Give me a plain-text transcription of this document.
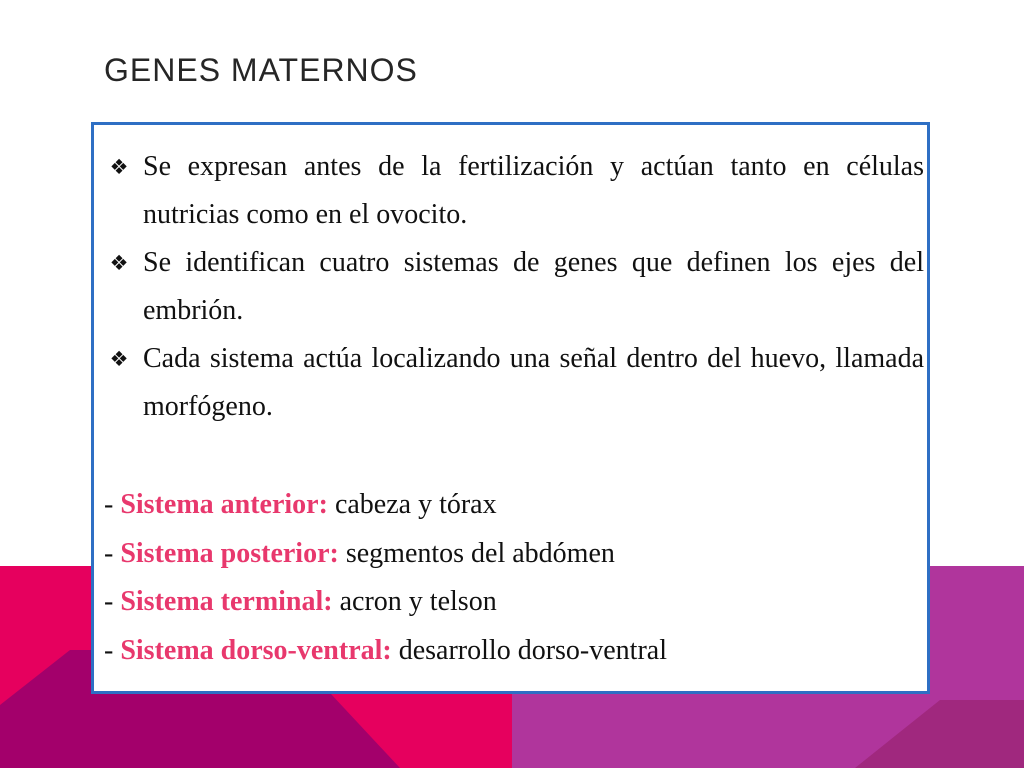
GENES MATERNOS

❖ Se expresan antes de la fertilización y actúan tanto en células nutricias como en el ovocito.

❖ Se identifican cuatro sistemas de genes que definen los ejes del embrión.

❖ Cada sistema actúa localizando una señal dentro del huevo, llamada morfógeno.

- Sistema anterior: cabeza y tórax
- Sistema posterior: segmentos del abdómen
- Sistema terminal: acron y telson
- Sistema dorso-ventral: desarrollo dorso-ventral
